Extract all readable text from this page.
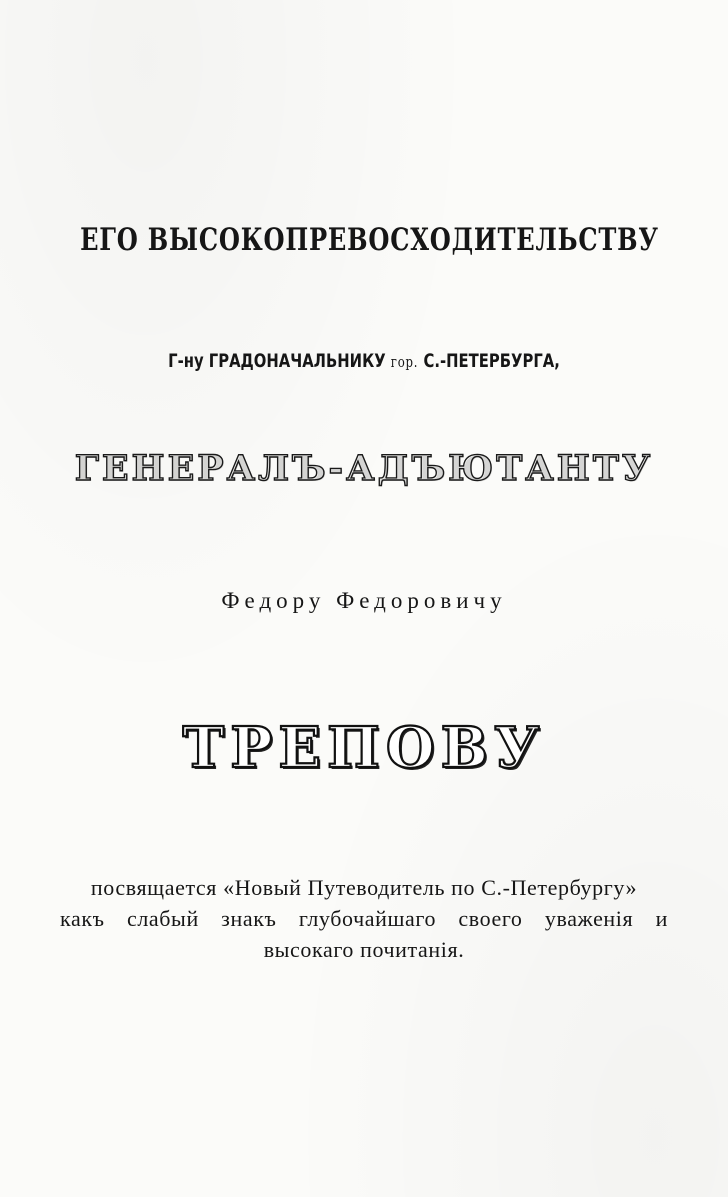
ЕГО ВЫСОКОПРЕВОСХОДИТЕЛЬСТВУ
Г-ну ГРАДОНАЧАЛЬНИКУ гор. С.-ПЕТЕРБУРГА,
ГЕНЕРАЛЪ-АДЪЮТАНТУ
Федору Федоровичу
ТРЕПОВУ
посвящается «Новый Путеводитель по С.-Петербургу»
какъ слабый знакъ глубочайшаго своего уваженія и
высокаго почитанія.
